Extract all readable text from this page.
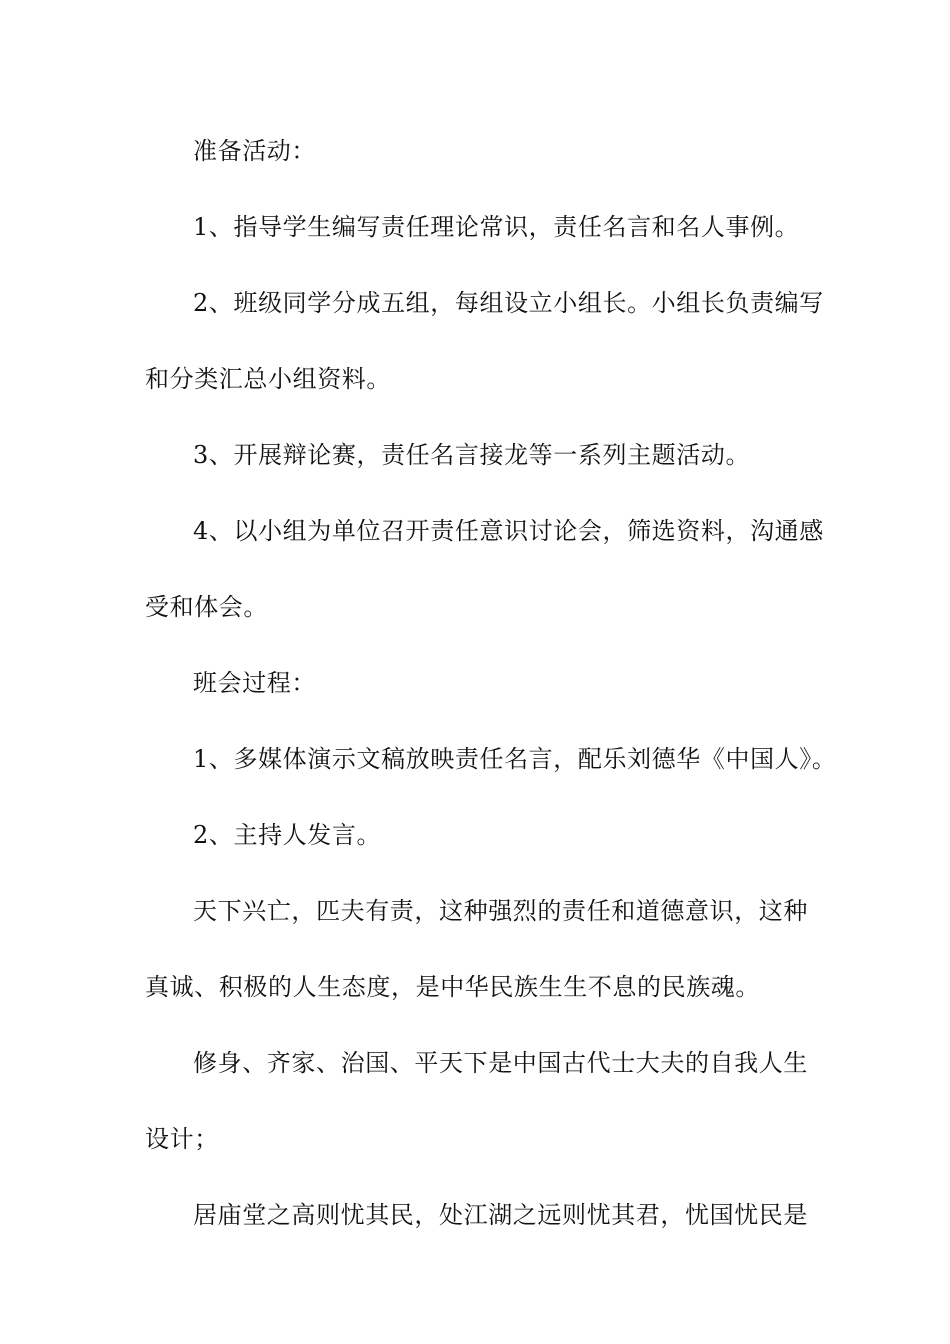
准备活动：

1、指导学生编写责任理论常识，责任名言和名人事例。

2、班级同学分成五组，每组设立小组长。小组长负责编写

和分类汇总小组资料。

3、开展辩论赛，责任名言接龙等一系列主题活动。

4、以小组为单位召开责任意识讨论会，筛选资料，沟通感

受和体会。

班会过程：

1、多媒体演示文稿放映责任名言，配乐刘德华《中国人》。

2、主持人发言。

天下兴亡，匹夫有责，这种强烈的责任和道德意识，这种

真诚、积极的人生态度，是中华民族生生不息的民族魂。

修身、齐家、治国、平天下是中国古代士大夫的自我人生

设计；

居庙堂之高则忧其民，处江湖之远则忧其君，忧国忧民是
